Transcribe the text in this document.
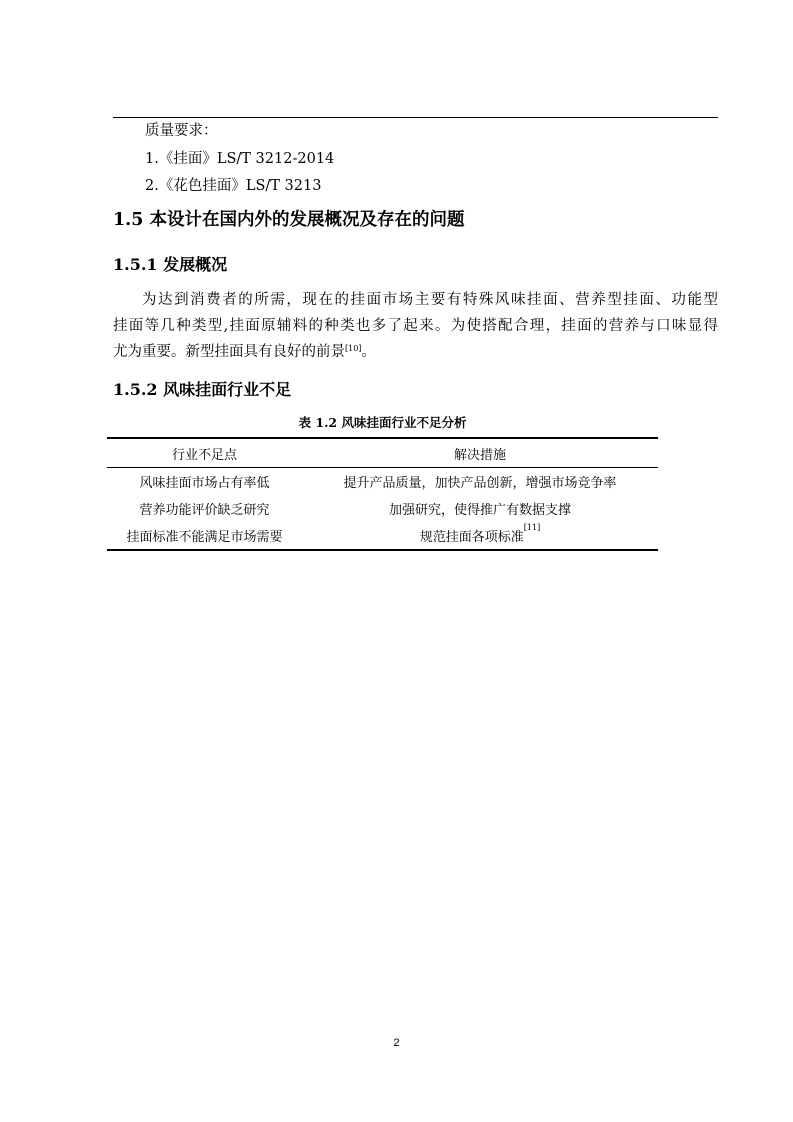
质量要求：
1.《挂面》LS/T 3212-2014
2.《花色挂面》LS/T 3213
1.5 本设计在国内外的发展概况及存在的问题
1.5.1 发展概况
为达到消费者的所需，现在的挂面市场主要有特殊风味挂面、营养型挂面、功能型
挂面等几种类型,挂面原辅料的种类也多了起来。为使搭配合理，挂面的营养与口味显得
尤为重要。新型挂面具有良好的前景[10]。
1.5.2 风味挂面行业不足
表 1.2 风味挂面行业不足分析
行业不足点	解决措施
风味挂面市场占有率低	提升产品质量，加快产品创新，增强市场竞争率
营养功能评价缺乏研究	加强研究，使得推广有数据支撑
挂面标准不能满足市场需要	规范挂面各项标准[11]
2
